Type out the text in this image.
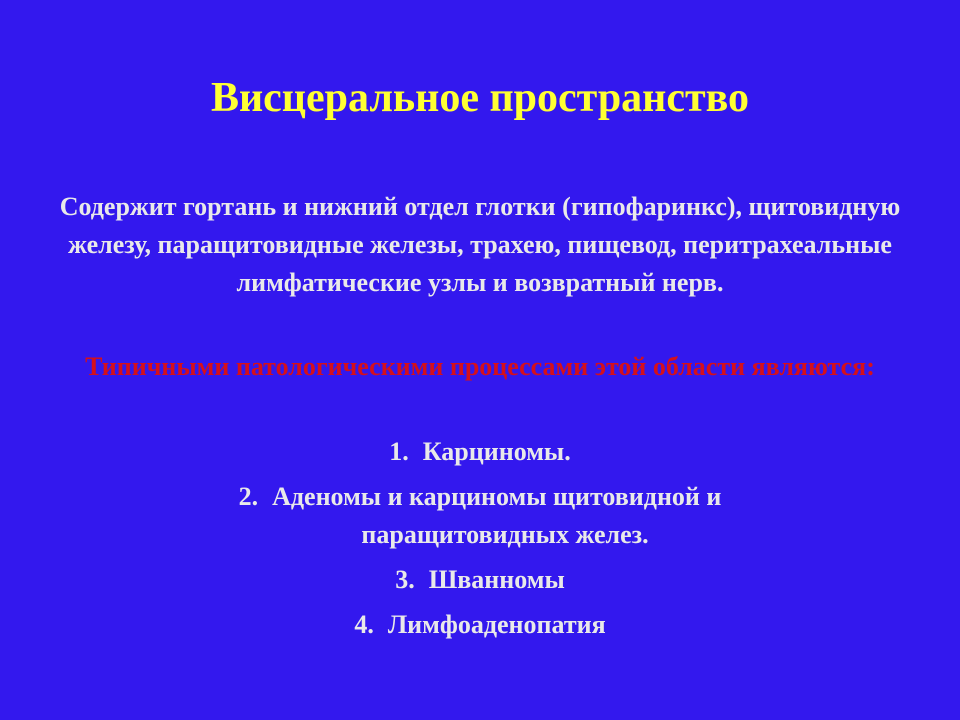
Висцеральное пространство
Содержит гортань и нижний отдел глотки (гипофаринкс), щитовидную железу, паращитовидные железы, трахею, пищевод, перитрахеальные лимфатические узлы и возвратный нерв.
Типичными патологическими процессами этой области являются:
1. Карциномы.
2. Аденомы и карциномы щитовидной и
паращитовидных желез.
3. Шванномы
4. Лимфоаденопатия
